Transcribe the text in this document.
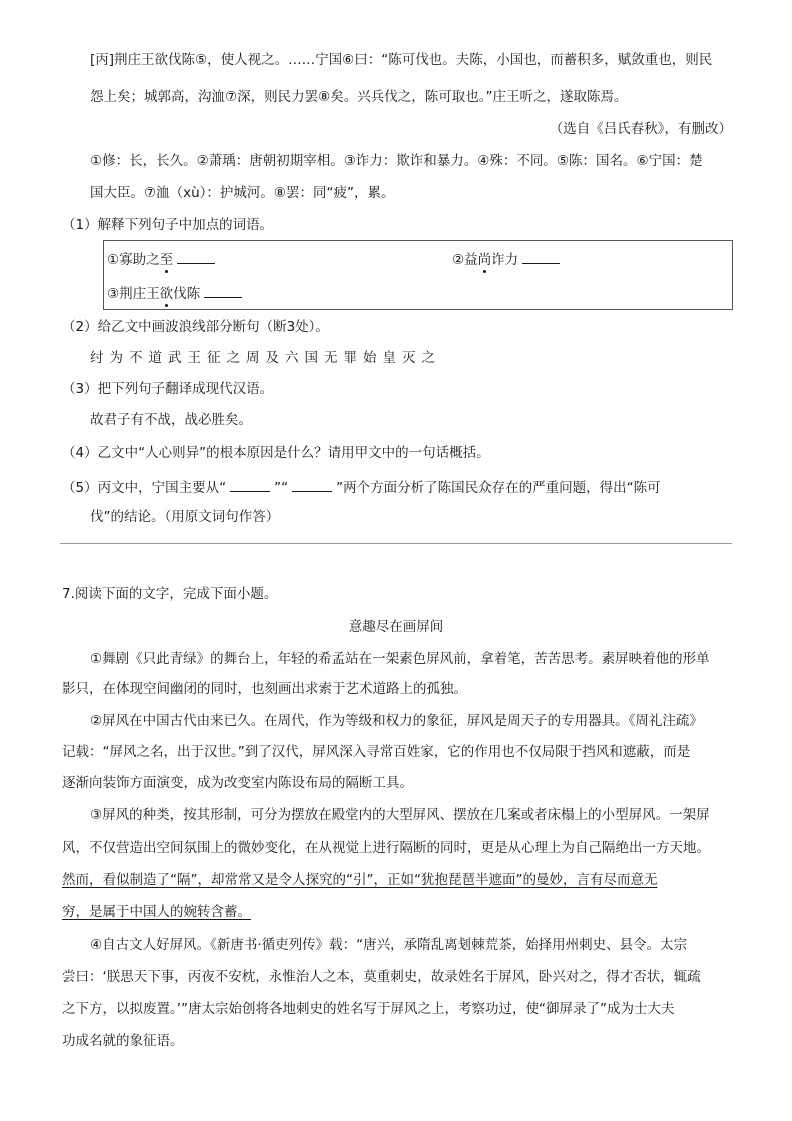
[丙]荆庄王欲伐陈⑤，使人视之。……宁国⑥曰：“陈可伐也。夫陈，小国也，而蓄积多，赋敛重也，则民
怨上矣；城郭高，沟洫⑦深，则民力罢⑧矣。兴兵伐之，陈可取也。”庄王听之，遂取陈焉。
（选自《吕氏春秋》，有删改）
①修：长，长久。②萧瑀：唐朝初期宰相。③诈力：欺诈和暴力。④殊：不同。⑤陈：国名。⑥宁国：楚
国大臣。⑦洫（xù）：护城河。⑧罢：同“疲”，累。
（1）解释下列句子中加点的词语。
①寡助之至	②益尚诈力
③荆庄王欲伐陈
（2）给乙文中画波浪线部分断句（断3处）。
纣为不道武王征之周及六国无罪始皇灭之
（3）把下列句子翻译成现代汉语。
故君子有不战，战必胜矣。
（4）乙文中“人心则异”的根本原因是什么？请用甲文中的一句话概括。
（5）丙文中，宁国主要从“	”“	”两个方面分析了陈国民众存在的严重问题，得出“陈可
伐”的结论。（用原文词句作答）
7.阅读下面的文字，完成下面小题。
意趣尽在画屏间
①舞剧《只此青绿》的舞台上，年轻的希孟站在一架素色屏风前，拿着笔，苦苦思考。素屏映着他的形单
影只，在体现空间幽闭的同时，也刻画出求索于艺术道路上的孤独。
②屏风在中国古代由来已久。在周代，作为等级和权力的象征，屏风是周天子的专用器具。《周礼注疏》
记载：“屏风之名，出于汉世。”到了汉代，屏风深入寻常百姓家，它的作用也不仅局限于挡风和遮蔽，而是
逐渐向装饰方面演变，成为改变室内陈设布局的隔断工具。
③屏风的种类，按其形制，可分为摆放在殿堂内的大型屏风、摆放在几案或者床榻上的小型屏风。一架屏
风，不仅营造出空间氛围上的微妙变化，在从视觉上进行隔断的同时，更是从心理上为自己隔绝出一方天地。
然而，看似制造了“隔”，却常常又是令人探究的“引”，正如“犹抱琵琶半遮面”的曼妙，言有尽而意无
穷，是属于中国人的婉转含蓄。
④自古文人好屏风。《新唐书·循吏列传》载：“唐兴，承隋乱离刬棘荒茶，始择用州刺史、县令。太宗
尝曰：‘朕思天下事，丙夜不安枕，永惟治人之本，莫重刺史，故录姓名于屏风，卧兴对之，得才否状，辄疏
之下方，以拟废置。’”唐太宗始创将各地刺史的姓名写于屏风之上，考察功过，使“御屏录了”成为士大夫
功成名就的象征语。
